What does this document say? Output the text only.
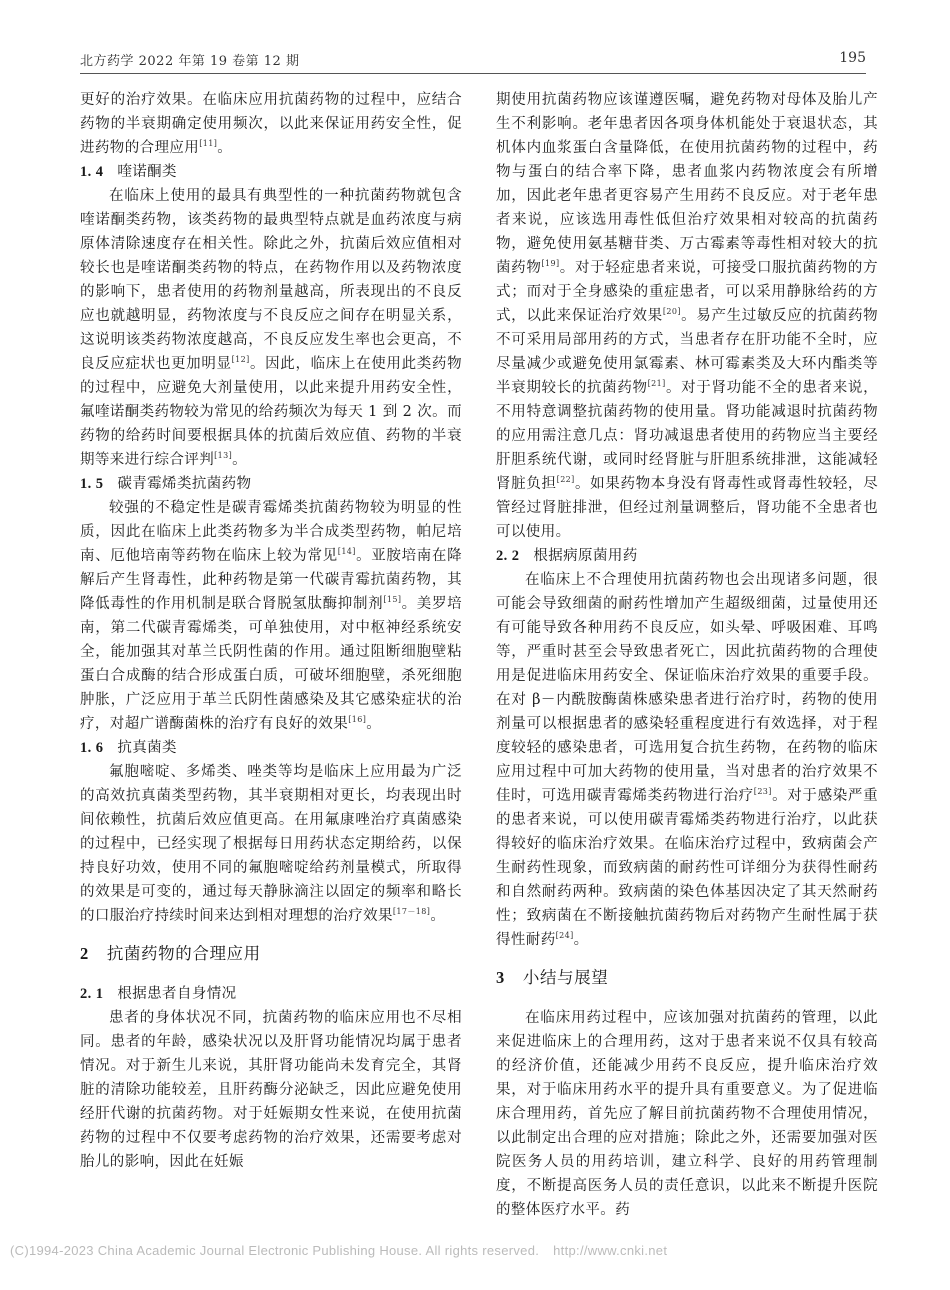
北方药学 2022 年第 19 卷第 12 期	195

更好的治疗效果。在临床应用抗菌药物的过程中，应结合药物的半衰期确定使用频次，以此来保证用药安全性，促进药物的合理应用[11]。

1. 4 喹诺酮类

在临床上使用的最具有典型性的一种抗菌药物就包含喹诺酮类药物，该类药物的最典型特点就是血药浓度与病原体清除速度存在相关性。除此之外，抗菌后效应值相对较长也是喹诺酮类药物的特点，在药物作用以及药物浓度的影响下，患者使用的药物剂量越高，所表现出的不良反应也就越明显，药物浓度与不良反应之间存在明显关系，这说明该类药物浓度越高，不良反应发生率也会更高，不良反应症状也更加明显[12]。因此，临床上在使用此类药物的过程中，应避免大剂量使用，以此来提升用药安全性，氟喹诺酮类药物较为常见的给药频次为每天 1 到 2 次。而药物的给药时间要根据具体的抗菌后效应值、药物的半衰期等来进行综合评判[13]。

1. 5 碳青霉烯类抗菌药物

较强的不稳定性是碳青霉烯类抗菌药物较为明显的性质，因此在临床上此类药物多为半合成类型药物，帕尼培南、厄他培南等药物在临床上较为常见[14]。亚胺培南在降解后产生肾毒性，此种药物是第一代碳青霉抗菌药物，其降低毒性的作用机制是联合肾脱氢肽酶抑制剂[15]。美罗培南，第二代碳青霉烯类，可单独使用，对中枢神经系统安全，能加强其对革兰氏阴性菌的作用。通过阻断细胞壁粘蛋白合成酶的结合形成蛋白质，可破坏细胞壁，杀死细胞肿胀，广泛应用于革兰氏阴性菌感染及其它感染症状的治疗，对超广谱酶菌株的治疗有良好的效果[16]。

1. 6 抗真菌类

氟胞嘧啶、多烯类、唑类等均是临床上应用最为广泛的高效抗真菌类型药物，其半衰期相对更长，均表现出时间依赖性，抗菌后效应值更高。在用氟康唑治疗真菌感染的过程中，已经实现了根据每日用药状态定期给药，以保持良好功效，使用不同的氟胞嘧啶给药剂量模式，所取得的效果是可变的，通过每天静脉滴注以固定的频率和略长的口服治疗持续时间来达到相对理想的治疗效果[17－18]。

2 抗菌药物的合理应用
2. 1 根据患者自身情况

患者的身体状况不同，抗菌药物的临床应用也不尽相同。患者的年龄，感染状况以及肝肾功能情况均属于患者情况。对于新生儿来说，其肝肾功能尚未发育完全，其肾脏的清除功能较差，且肝药酶分泌缺乏，因此应避免使用经肝代谢的抗菌药物。对于妊娠期女性来说，在使用抗菌药物的过程中不仅要考虑药物的治疗效果，还需要考虑对胎儿的影响，因此在妊娠

期使用抗菌药物应该谨遵医嘱，避免药物对母体及胎儿产生不利影响。老年患者因各项身体机能处于衰退状态，其机体内血浆蛋白含量降低，在使用抗菌药物的过程中，药物与蛋白的结合率下降，患者血浆内药物浓度会有所增加，因此老年患者更容易产生用药不良反应。对于老年患者来说，应该选用毒性低但治疗效果相对较高的抗菌药物，避免使用氨基糖苷类、万古霉素等毒性相对较大的抗菌药物[19]。对于轻症患者来说，可接受口服抗菌药物的方式；而对于全身感染的重症患者，可以采用静脉给药的方式，以此来保证治疗效果[20]。易产生过敏反应的抗菌药物不可采用局部用药的方式，当患者存在肝功能不全时，应尽量减少或避免使用氯霉素、林可霉素类及大环内酯类等半衰期较长的抗菌药物[21]。对于肾功能不全的患者来说，不用特意调整抗菌药物的使用量。肾功能减退时抗菌药物的应用需注意几点：肾功减退患者使用的药物应当主要经肝胆系统代谢，或同时经肾脏与肝胆系统排泄，这能减轻肾脏负担[22]。如果药物本身没有肾毒性或肾毒性较轻，尽管经过肾脏排泄，但经过剂量调整后，肾功能不全患者也可以使用。

2. 2 根据病原菌用药

在临床上不合理使用抗菌药物也会出现诸多问题，很可能会导致细菌的耐药性增加产生超级细菌，过量使用还有可能导致各种用药不良反应，如头晕、呼吸困难、耳鸣等，严重时甚至会导致患者死亡，因此抗菌药物的合理使用是促进临床用药安全、保证临床治疗效果的重要手段。在对 β－内酰胺酶菌株感染患者进行治疗时，药物的使用剂量可以根据患者的感染轻重程度进行有效选择，对于程度较轻的感染患者，可选用复合抗生药物，在药物的临床应用过程中可加大药物的使用量，当对患者的治疗效果不佳时，可选用碳青霉烯类药物进行治疗[23]。对于感染严重的患者来说，可以使用碳青霉烯类药物进行治疗，以此获得较好的临床治疗效果。在临床治疗过程中，致病菌会产生耐药性现象，而致病菌的耐药性可详细分为获得性耐药和自然耐药两种。致病菌的染色体基因决定了其天然耐药性；致病菌在不断接触抗菌药物后对药物产生耐性属于获得性耐药[24]。

3 小结与展望

在临床用药过程中，应该加强对抗菌药的管理，以此来促进临床上的合理用药，这对于患者来说不仅具有较高的经济价值，还能减少用药不良反应，提升临床治疗效果，对于临床用药水平的提升具有重要意义。为了促进临床合理用药，首先应了解目前抗菌药物不合理使用情况，以此制定出合理的应对措施；除此之外，还需要加强对医院医务人员的用药培训，建立科学、良好的用药管理制度，不断提高医务人员的责任意识，以此来不断提升医院的整体医疗水平。药

(C)1994-2023 China Academic Journal Electronic Publishing House. All rights reserved. http://www.cnki.net
